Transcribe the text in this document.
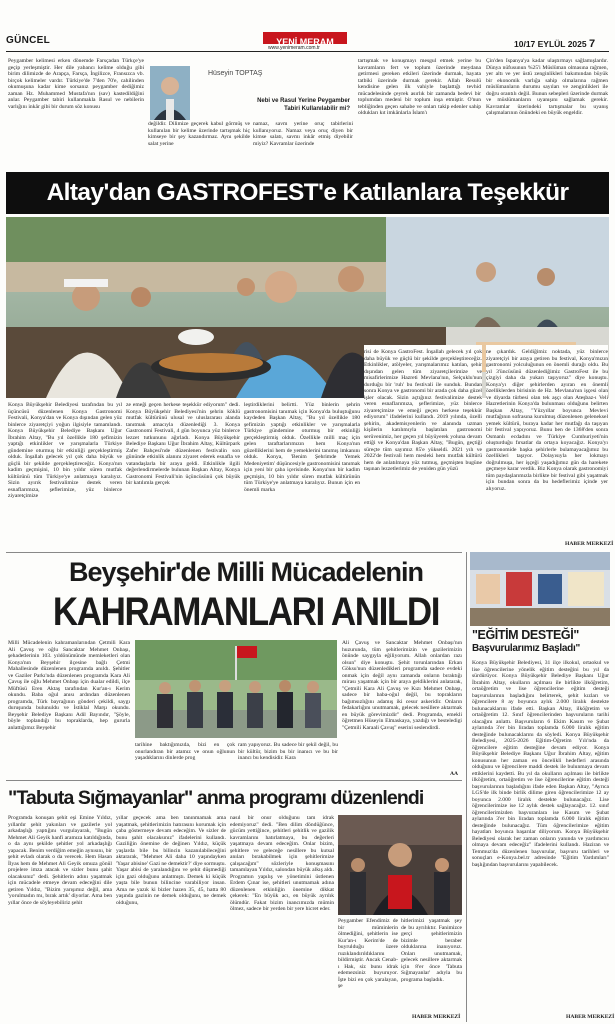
GÜNCEL	YENİ MERAM
www.yenimeram.com.tr	10/17 EYLÜL 2025 7
Peygamber kelimesi erken dönemde Farsçadan Türkçe'ye geçip yerleşmiştir. Her dile yabancı kelime olduğu gibi birim dilimizde de Arapça, Farsça, İngilizce, Fransızca vb. birçok kelimeler vardır. Türkiye'de 7'den 70'e, cahilinden okumuşuna kadar kime sorsanız peygamber dediğimiz zaman Hz. Muhammed Mustafa'nın (sav) kastedildiğini anlar. Peygamber tabiri kullanmakla Rasul ve nebilerin varlığını inkâr gibi bir durum söz konusu
Hüseyin TOPTAŞ
Nebi ve Rasul Yerine Peygamber Tabiri Kullanılabilir mi?
değildir. Dilimize geçerek kabul görmüş ve kullanılan bir kelime üzerinde tartışmak hiç kimseye bir şey kazandırmaz. Aynı şekilde salat yerine
namaz, savm yerine oruç tabirlerini kullanıyoruz. Namaz veya oruç diyen bir kimse salatı, savmı inkâr etmiş diyebilir miyiz? Kavramlar üzerinde
tartışmak ve konuşmayı mesgul etmek yerine bu kavramların fert ve toplum üzerinde meydana getirmesi gereken etkileri üzerinde durmak, hayata tatbiki üzerinde durmak gerekir. Allah Resulü kendisine gelen ilk vahiyle başlattığı tevhid mücadelesinde çeyrek asırlık bir zamanda bedevi bir toplumdan medeni bir toplum inşa etmiştir. O'nun tebliğinden geçen sahabe ve onları takip edenler sahip oldukları kıt imkânlarla İslam'ı
Çin'den İspanya'ya kadar ulaştırmayı sağlamışlardır. Dünya nüfusunun %25'i Müslüman olmasına rağmen, yer altı ve yer üstü zenginlikleri bakımından büyük bir ekonomik varlığa sahip olmalarına rağmen müslümanların durumu sayıları ve zenginlikleri ile doğru orantılı değil. Bunun sebepleri üzerinde durmak ve müslümanların uyanışını sağlamak gerekir. Kavramlar üzerindeki tartışmalar bu uyanış çalışmalarının önündeki en büyük engeldir.
Altay'dan GASTROFEST'e Katılanlara Teşekkür
Konya Büyükşehir Belediyesi tarafından bu yıl üçüncüsü düzenlenen Konya Gastronomi Festivali, Konya'dan ve Konya dışından gelen yüz binlerce ziyaretçiyi yoğun ilgisiyle tamamlandı. Konya Büyükşehir Belediye Başkanı Uğur İbrahim Altay, "Bu yıl özellikle 180 şefimizin yaptığı etkinlikler ve yarışmalarla Türkiye gündemine oturmuş bir etkinliği gerçekleştirmiş olduk. İnşallah gelecek yıl çok daha büyük ve güçlü bir şekilde gerçekleştireceğiz. Konya'nın kadim geçmişini, 10 bin yıldır süren mutfak kültürünü tüm Türkiye'ye anlatmaya karalıyız. Sizin ayırık festivalimize destek veren esnaflarımıza, şeflerimize, yüz binlerce ziyaretçimize
ze emeği geçen herkese teşekkür ediyorum" dedi. Konya Büyükşehir Belediyesi'nin şehrin köklü mutfak kültürünü ulusal ve uluslararası alanda tanıtmak amacıyla düzenlediği 3. Konya Gastronomi Festivali, 4 gün boyunca yüz binlerce lezzet tutkununu ağırladı. Konya Büyükşehir Belediye Başkanı Uğur İbrahim Altay, Kültürpark Zafer Bahçesi'nde düzenlenen festivalin son gününde etkinlik alanını ziyaret ederek esnafla ve vatandaşlarla bir araya geldi. Etkinlikle ilgili değerlendirmelerde bulunan Başkan Altay, Konya Gastronomi Festivali'nin üçüncüsünü çok büyük bir katılımla gerçek
leştirdiklerini belirtti. Yüz binlerin şehrin gastronomisini tanımak için Konya'da buluştuğunu kaydeden Başkan Altay, "Bu yıl özellikle 180 şefimizin yaptığı etkinlikler ve yarışmalarla Türkiye gündemine oturmuş bir etkinliği gerçekleştirmiş olduk. Özellikle milli maç için gelen taraftarlarımızın hem Konya'nın güzelliklerini hem de yemeklerini tanımış imkanını olduk. Konya, 'Benim Şehrimde Yemek Medeniyetim' düşüncesiyle gastronomisini tanımak için yeni bir çaba içerisinde. Konya'nın bir kadim geçmişin, 10 bin yıldır süren mutfak kültürünün tüm Türkiye'ye anlatmaya karalıyız. Bunun için en önemli marka
risi de Konya GastroFest. İnşallah gelecek yıl çok daha büyük ve güçlü bir şekilde gerçekleştireceğiz. Etkinlikler, atölyeler, yarışmalarımız katılan, şehir dışından gelen tüm ziyaretçilerimize ve misafirlerimize Hazreti Mevlana'nın, Selçuklu'nun durduğu bir 'ruh' bu festivali ile sunduk. Bundan sonra Konya ve gastronomi bir arada çok daha güzel işler olacak. Sizin açtığınız festivalimize destek veren esnaflarımıza, şeflerimize, yüz binlerce ziyaretçimize ve emeği geçen herkese teşekkür ediyorum" ifadelerini kullandı. 2019 yılında, özelli şehirin, akademisyenlerin ve alanında uzman kişilerin katılımıyla başlatılan gastronomi serüvenimiz, her geçen yıl büyüyerek yoluna devam ettiği ve Konya'dan Başkan Altay, "Bugün, geçtiği süreçte tüm sayımız 85'e yükseldi. 2021 yılı ve 2022'de festivali hem mesleki hem mutfak kültürü hem de anlatılmaya yüz tutmuş, geçmişten bugüne taşınan lezzetlerimiz de yeniden gün yüzü
ne çıkardık. Geldiğimiz noktada, yüz binlerce ziyaretçiyi bir araya getiren bu festival, Konya'mızın gastronomi yolculuğunun en önemli durağı oldu. Bu yıl 3'üncüsünü düzenlediğimiz GastroFest ile bu çizgiyi daha da yukarı taşıyoruz" diye konuştu. Konya'yı diğer şehirlerden ayıran en önemli özelliklerden birisinin de Hz. Mevlana'nın işçesi olan ve diyarda türbesi olan tek aşçı olan Ateşbaz-ı Veli Hazretlerinin Konya'da bulunması olduğunu belirten Başkan Altay, "Yüzyıllar boyunca Mevlevi mutfağının sofrasına kurulmuş düzenlenen geleneksel yemek kültürü, buraya kadar her mutfağı da taşıyan bir festival yapıyoruz. Bunu ben de 1368'den sonra Osmanlı ecdadını ve Türkiye Cumhuriyeti'nin oluşturduğu fırsatlar da ortaya koyacağız. Konya'yı gastronomide başka şehirlerle bulamayacağımız bu özellikleri taşıyor. Dolayısıyla her lokmayı doğrulmuşa, her işçeği yaşadığımız gün da harekete geçmeye karar verdik. Biz Konya olarak gastronomiyi tüm paydaşlarımızla birlikte bir festival gibi yaşatmak için bundan sonra da bu hedeflerimiz içinde yer alıyoruz.
HABER MERKEZİ
Beyşehir'de Milli Mücadelenin
KAHRAMANLARI ANILDI
Milli Mücadelenin kahramanlarından Çetmili Kara Ali Çavuş ve oğlu Sancaktar Mehmet Onbaşı, şehadetlerinin 103. yıldönümünde memleketleri olan Konya'nın Beyşehir ilçesine bağlı Çetmi Mahallesinde düzenlenen programda anıldı. Şehitler ve Gaziler Parkı'nda düzenlenen programda Kara Ali Çavuş ile oğlu Mehmet Onbaşı için dualar edildi, ilçe Müftüsü Eren Aktaş tarafından Kur'an-ı Kerim okundu. Baba oğul anısı ardından düzenlenen programda, Türk bayrağının gönderi çekildi, saygı duruşunda bulunuldu ve İstiklal Marşı okundu. Beyşehir Belediye Başkanı Adil Bayındır, "Şöyle, böyle toplandığı bu topraklarda, hep gururla anlattığımız Beyşehir
tarihine baktığımızda, bizi en çok onurlandıran bir atamız ve onun oğlunun yaşadıklarını dinlerde prog
ram yapıyoruz. Bu sadece bir şekil değil, bu bir kültür, bizim bu bir inanıcı ve bu bir inancı bu kendisidir. Kara
Ali Çavuş ve Sancaktar Mehmet Onbaşı'nın huzurunda, tüm şehitlerimizin ve gazilerimizin önünde saygıyla eğiliyorum. Allah onlardan razı olsun" diye konuştu. Şehit torunlarından Erkan Göksu'nun düzenledikleri programda sadece evdeki onmak için değil aynı zamanda onların bıraktığı mirası yaşatmak için bir araya geldiklerini anlatarak, "Çetmili Kara Ali Çavuş ve Kızı Mehmet Onbaşı, sadece bir baba-oğul değil, bu toprakların bağımsızlığını adamış iki cesur askeridir. Onların fedakarlığını unutmamak, gelecek nesillere aktarmak en büyük görevimizdir" dedi. Programda, emekli öğretmen Hüseyin Elmaskaya, yazdığı ve besteledigi "Çetmili Karaali Çavuş" eserini seslendirdi.
AA
"EĞİTİM DESTEĞİ"
Başvurularımız Başladı"
Konya Büyükşehir Belediyesi, 31 ilçe ilkokul, ortaokul ve lise öğrencilerine yönelik eğitim desteğini bu yıl da sürdürüyor. Konya Büyükşehir Belediye Başkanı Uğur İbrahim Altay, okulların açılması ile birlikte ilköğretim, ortaöğretim ve lise öğrencilerine eğitim desteği başvurularının başladığını belirterek, şehit kızları ve öğrencilere 8 ay boyunca aylık 2.000 liralık destekte bulunacaklarını ifade etti. Başkan Altay, ilköğretim ve ortaöğretim 12. Sınıf öğrencilerinden başvuruların tarihi olacağını anlattı. Başvuruların 6 Ekim Kasım ve Şubat aylarında 3'er bin liradan toplamda 6.000 liralık eğitim desteğinde bulunacaklarını da söyledi. Konya Büyükşehir Belediyesi, 2025-2026 Eğitim-Öğretim Yılı'nda da öğrencilere eğitim desteğine devam ediyor. Konya Büyükşehir Belediye Başkanı Uğur İbrahim Altay, eğitim konusunun her zaman en öncelikli hedefleri arasında olduğunu ve öğrencilere maddi destek ile bulunmaya devam ettiklerini kaydetti. Bu yıl da okulların açılması ile birlikte ilköğretim, ortaöğretim ve lise öğrencilerine eğitim desteği başvurularının başladığını ifade eden Başkan Altay, "Ayrıca LGS'de ilk binde birlik dilime giren öğrencilerimize 12 ay boyunca 2.000 liralık destekte bulunacağız. Lise öğrencilerimize ise 12 aylık destek sağlayacağız. 12. sınıf öğrencilerimizden başvuranlara ise Kasım ve Şubat aylarında 3'er bin liradan toplamda 6.000 liralık eğitim desteğinde bulunacağız. Tüm öğrencilerimize eğitim hayatları boyunca başarılar diliyorum. Konya Büyükşehir Belediyesi olarak her zaman onların yanında ve yardımcısı olmaya devam edeceğiz" ifadelerini kullandı. Haziran ve Temmuz'da düzenlenen başvurular, başvuru tarihleri ve sonuçları e-Konya.bel.tr adresinde "Eğitim Yardımları" başlığından başvurularını yapabilecek.
HABER MERKEZİ
"Tabuta Sığmayanlar" anma programı düzenlendi
Programda konuşan şehit eşi Emine Yıldız, yıllardır şehit yakınları ve gazilerle yol arkadaşlığı yaptığını vurgulayarak, "Bugün Mehmet Ali Geyik hanfi aramıza katıldığında, o da aynı şekilde şehitler yol arkadaşlığı yapacak. Benim verdiğim emeğin aynısını, bir şehit evladı olarak o da verecek. Hem Hasan İlyas hem de Mehmet Ali Geyik omuza gönül projelere imza atacak ve sizler bunu şahit olacaksınız" dedi. Şehitlerin adını yaşatmak için mücadele etmeye devam edeceğini dile getiren Yıldız, "Bizim yarışımız değil, ama 'yorulmadın mı, bırak artık' diyorlar. Ama ben yıllar önce de söyleyebiliriz şehit
yıllar geçecek ama ben tanınmamak ama yaşatmak, şehitlerimizin hatırasını korumak için çaba göstermeye devam edeceğim. Ve sizler de bunu şahit olacaksınız" ifadelerini kullandı. Gaziliğin önemine de değinen Yıldız, küçük yaşlarda bile bu bilincin kazanılabileceğini aktararak, "Mehmet Ali daha 10 yaşındayken 'Yaşar abisine' Gazi ne demektir?' diye sormuştu. Yaşar abisi de yaralandığını ve şehit düşmediği için gazi olduğunu anlatmıştı. Demek ki küçük yaşta bile bunun bilincine varabiliyor insan. Ama ne yazık ki bizler hazen 35, 45, hatta 80 yaşında gazinin ne demek olduğunu, ne demek olduğunu,
nasıl bir onur olduğunu tam idrak edemiyoruz" dedi. "Ben dilim döndüğünce, gücüm yettiğince, şehitleri şehitlik ve gazilik kavramlarını hatırlatmaya, bu değerleri yaşatmaya devam edeceğim. Onlar bizim, şehitlere ve geleceğe nesillere bu kutsal anıları bırakabilmek için şehitlerimize çalışacağım" sözleriyle konuşmasını tamamlayan Yıldız, salondan büyük alkış aldı. Programın yapılış ve yönetimini üstlenen Erdem Çınar ise, şehitleri unutmamak adına düzenlenen etkinliğin önemine dikkat çekerek: "En büyük acı, en büyük ayrılık ölümdür. Fakat bizim inancımızda mümin ölmez, sadece bir yerden bir yere hicret eder.
Peygamber Efendimiz de bir müminlerin ölmediğini, şehitlerin ise Kur'an-ı Kerim'de de buyrulduğu üzere ruzıklandırıldıklarını bildirmiştir. Ancak Cenab-ı Hak, siz bunu idrak edemezsiniz buyuruyor. İşte bizi en çok yaralayan, şe
hitlerimizi yaşatmak şey de bu ayrılıktır. Fanimizce gerçi şehitlerimizin bizimle beraber olduklarına inanıyoruz. Onları unutmamak, gelecek nesillere aktarmak için 8'er önce 'Tabuta Sığmayanlar' adıyla bu programa başladık.
HABER MERKEZİ
